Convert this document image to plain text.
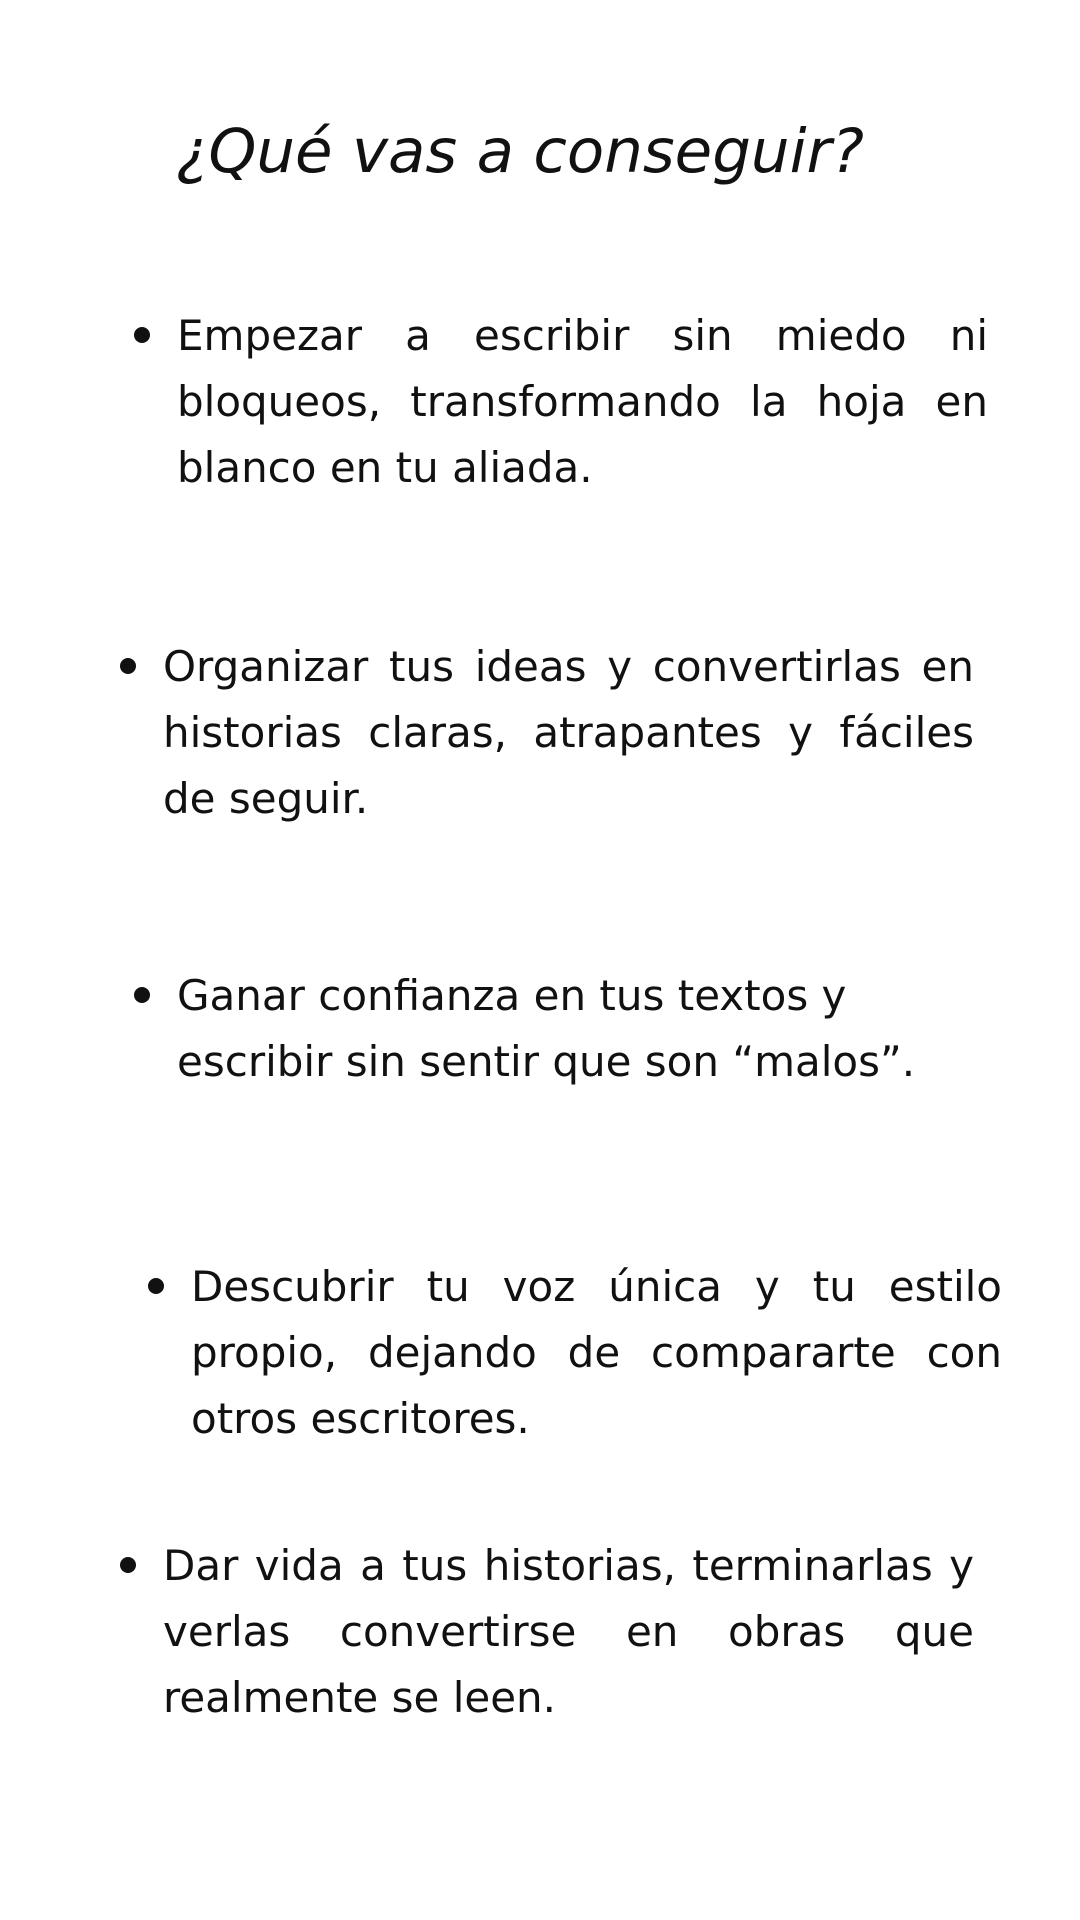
¿Qué vas a conseguir?
Empezar a escribir sin miedo ni bloqueos, transformando la hoja en blanco en tu aliada.
Organizar tus ideas y convertirlas en historias claras, atrapantes y fáciles de seguir.
Ganar confianza en tus textos y escribir sin sentir que son “malos”.
Descubrir tu voz única y tu estilo propio, dejando de compararte con otros escritores.
Dar vida a tus historias, terminarlas y verlas convertirse en obras que realmente se leen.
